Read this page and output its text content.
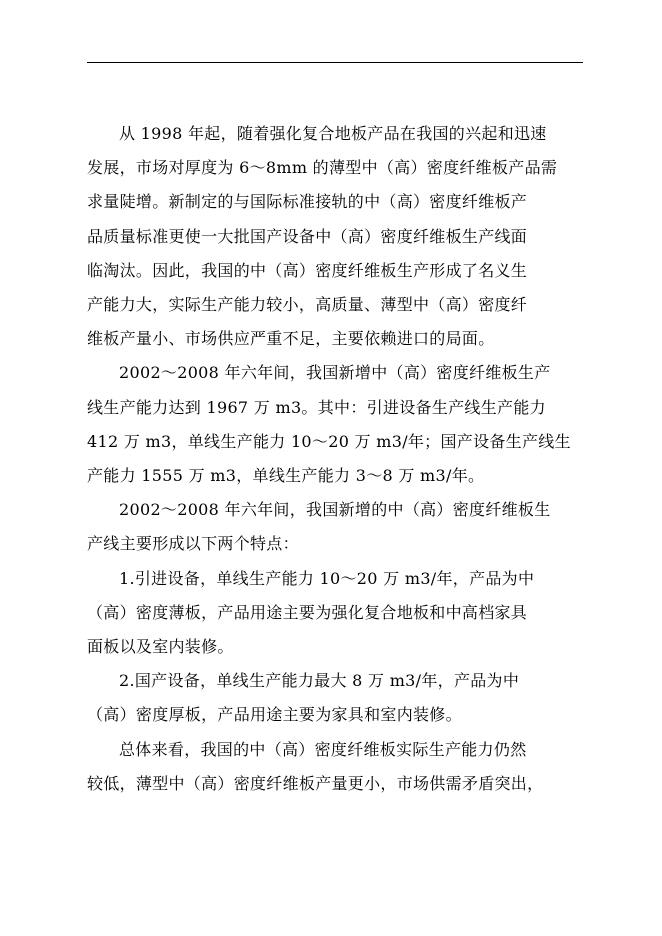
从 1998 年起，随着强化复合地板产品在我国的兴起和迅速
发展，市场对厚度为 6～8mm 的薄型中（高）密度纤维板产品需
求量陡增。新制定的与国际标准接轨的中（高）密度纤维板产
品质量标准更使一大批国产设备中（高）密度纤维板生产线面
临淘汰。因此，我国的中（高）密度纤维板生产形成了名义生
产能力大，实际生产能力较小，高质量、薄型中（高）密度纤
维板产量小、市场供应严重不足，主要依赖进口的局面。

2002～2008 年六年间，我国新增中（高）密度纤维板生产
线生产能力达到 1967 万 m3。其中：引进设备生产线生产能力
412 万 m3，单线生产能力 10～20 万 m3/年；国产设备生产线生
产能力 1555 万 m3，单线生产能力 3～8 万 m3/年。

2002～2008 年六年间，我国新增的中（高）密度纤维板生
产线主要形成以下两个特点：

1.引进设备，单线生产能力 10～20 万 m3/年，产品为中
（高）密度薄板，产品用途主要为强化复合地板和中高档家具
面板以及室内装修。

2.国产设备，单线生产能力最大 8 万 m3/年，产品为中
（高）密度厚板，产品用途主要为家具和室内装修。

总体来看，我国的中（高）密度纤维板实际生产能力仍然
较低，薄型中（高）密度纤维板产量更小，市场供需矛盾突出，
